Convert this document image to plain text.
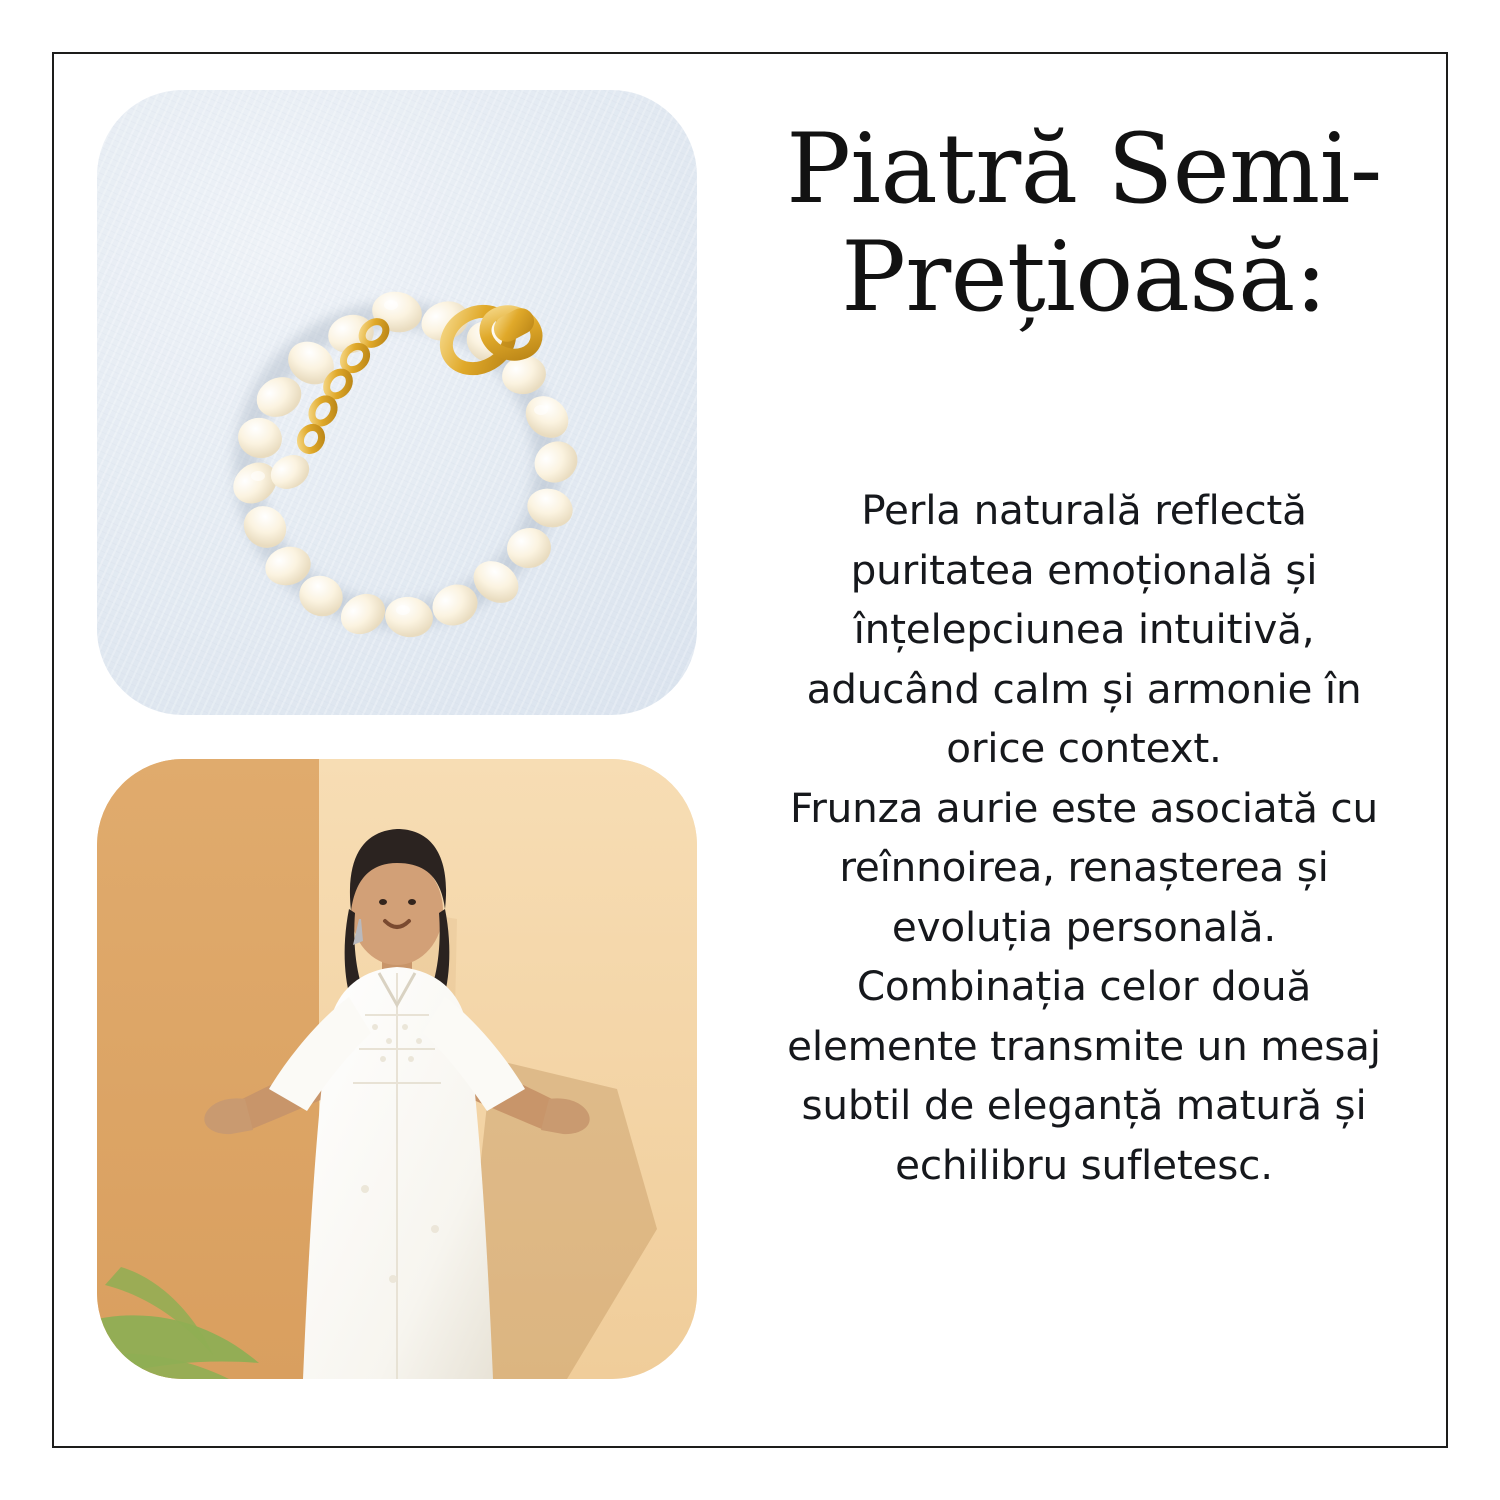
Piatră Semi-Prețioasă:

Perla naturală reflectă puritatea emoțională și înțelepciunea intuitivă, aducând calm și armonie în orice context.

Frunza aurie este asociată cu reînnoirea, renașterea și evoluția personală.

Combinația celor două elemente transmite un mesaj subtil de eleganță matură și echilibru sufletesc.
